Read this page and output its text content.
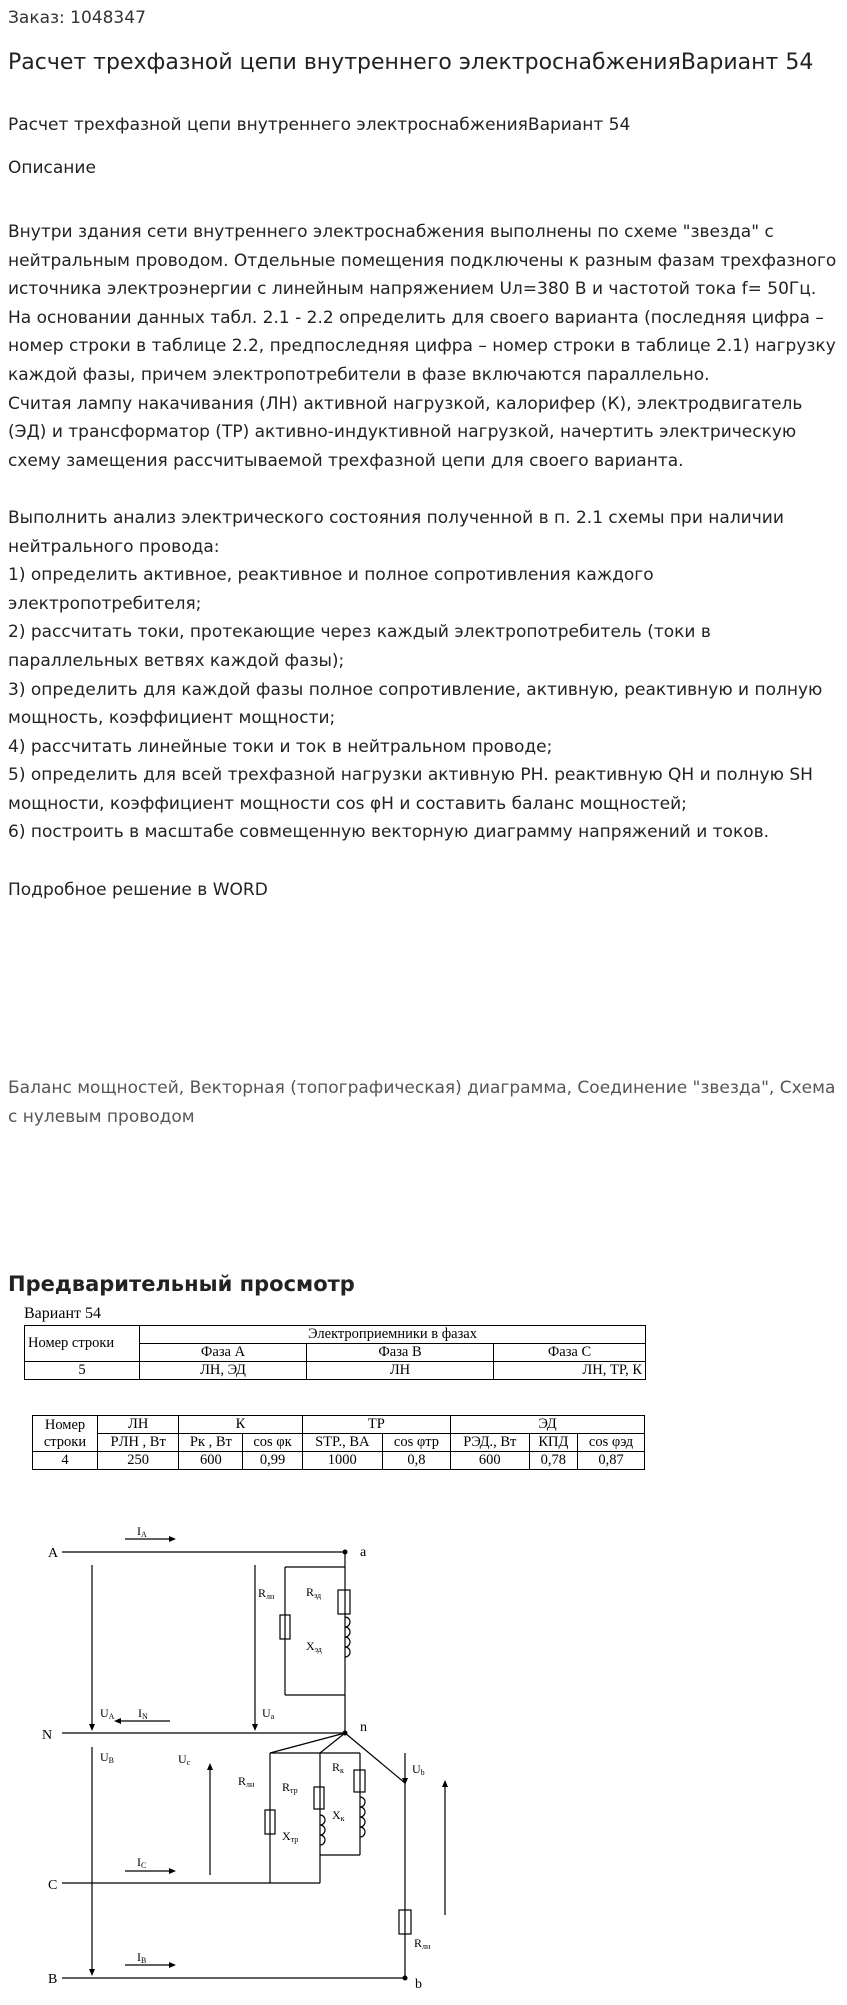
Заказ: 1048347
Расчет трехфазной цепи внутреннего электроснабженияВариант 54
Расчет трехфазной цепи внутреннего электроснабженияВариант 54
Описание

Внутри здания сети внутреннего электроснабжения выполнены по схеме "звезда" с нейтральным проводом. Отдельные помещения подключены к разным фазам трехфазного источника электроэнергии с линейным напряжением Uл=380 В и частотой тока f= 50Гц.

На основании данных табл. 2.1 - 2.2 определить для своего варианта (последняя цифра – номер строки в таблице 2.2, предпоследняя цифра – номер строки в таблице 2.1) нагрузку каждой фазы, причем электропотребители в фазе включаются параллельно.

Считая лампу накачивания (ЛН) активной нагрузкой, калорифер (К), электродвигатель (ЭД) и трансформатор (ТР) активно-индуктивной нагрузкой, начертить электрическую схему замещения рассчитываемой трехфазной цепи для своего варианта.

Выполнить анализ электрического состояния полученной в п. 2.1 схемы при наличии нейтрального провода:

1) определить активное, реактивное и полное сопротивления каждого электропотребителя;

2) рассчитать токи, протекающие через каждый электропотребитель (токи в параллельных ветвях каждой фазы);

3) определить для каждой фазы полное сопротивление, активную, реактивную и полную мощность, коэффициент мощности;

4) рассчитать линейные токи и ток в нейтральном проводе;

5) определить для всей трехфазной нагрузки активную PН. реактивную QН и полную SН мощности, коэффициент мощности cos φН и составить баланс мощностей;

6) построить в масштабе совмещенную векторную диаграмму напряжений и токов.

Подробное решение в WORD

Баланс мощностей, Векторная (топографическая) диаграмма, Соединение "звезда", Схема с нулевым проводом
Предварительный просмотр
Вариант 54
Номер строки	Электроприемники в фазах		
	Фаза А	Фаза В	Фаза С
5	ЛН, ЭД	ЛН	ЛН, ТР, К
Номер строки	ЛН	К		ТР		ЭД		
	PЛН , Вт	Pк , Вт	cos φк	STP., BA	cos φтр	PЭД., Вт	КПД	cos φэд
4	250	600	0,99	1000	0,8	600	0,78	0,87
A
N
C
B
a
n
b
IA
UA IN	Ua
UB	Uc	Ub
IC
IB
Rлн	Rэд
Xэд
Rлн Rтр
Xтр
Rк
Xк
Rлн
